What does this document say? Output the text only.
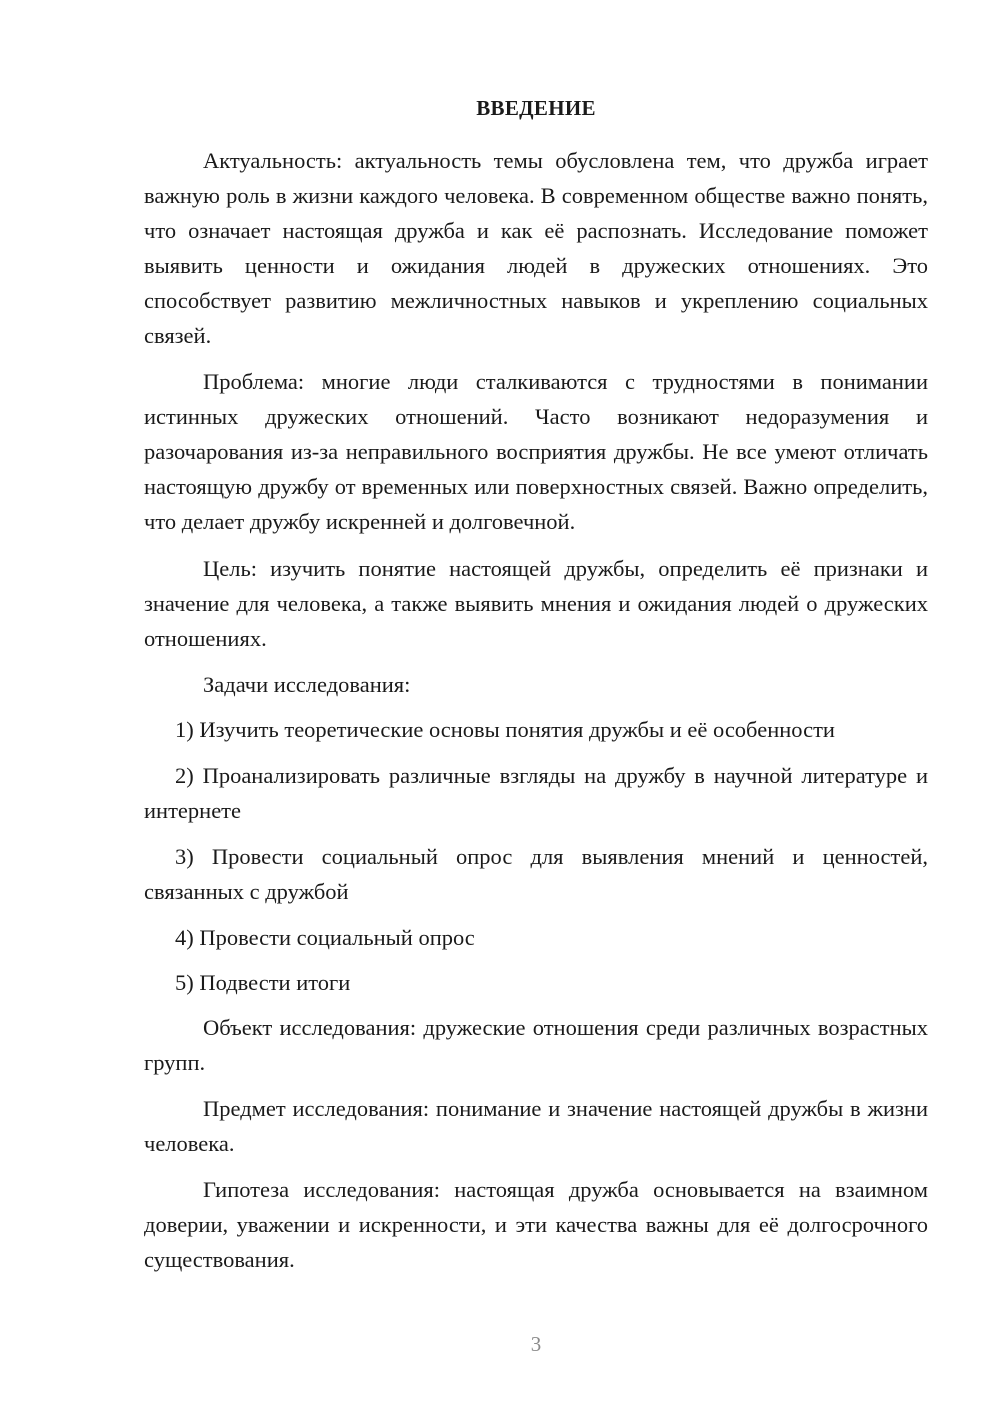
ВВЕДЕНИЕ

Актуальность: актуальность темы обусловлена тем, что дружба играет важную роль в жизни каждого человека. В современном обществе важно понять, что означает настоящая дружба и как её распознать. Исследование поможет выявить ценности и ожидания людей в дружеских отношениях. Это способствует развитию межличностных навыков и укреплению социальных связей.

Проблема: многие люди сталкиваются с трудностями в понимании истинных дружеских отношений. Часто возникают недоразумения и разочарования из-за неправильного восприятия дружбы. Не все умеют отличать настоящую дружбу от временных или поверхностных связей. Важно определить, что делает дружбу искренней и долговечной.

Цель: изучить понятие настоящей дружбы, определить её признаки и значение для человека, а также выявить мнения и ожидания людей о дружеских отношениях.

Задачи исследования:

1) Изучить теоретические основы понятия дружбы и её особенности

2) Проанализировать различные взгляды на дружбу в научной литературе и интернете

3) Провести социальный опрос для выявления мнений и ценностей, связанных с дружбой

4) Провести социальный опрос

5) Подвести итоги

Объект исследования: дружеские отношения среди различных возрастных групп.

Предмет исследования: понимание и значение настоящей дружбы в жизни человека.

Гипотеза исследования: настоящая дружба основывается на взаимном доверии, уважении и искренности, и эти качества важны для её долгосрочного существования.

3
